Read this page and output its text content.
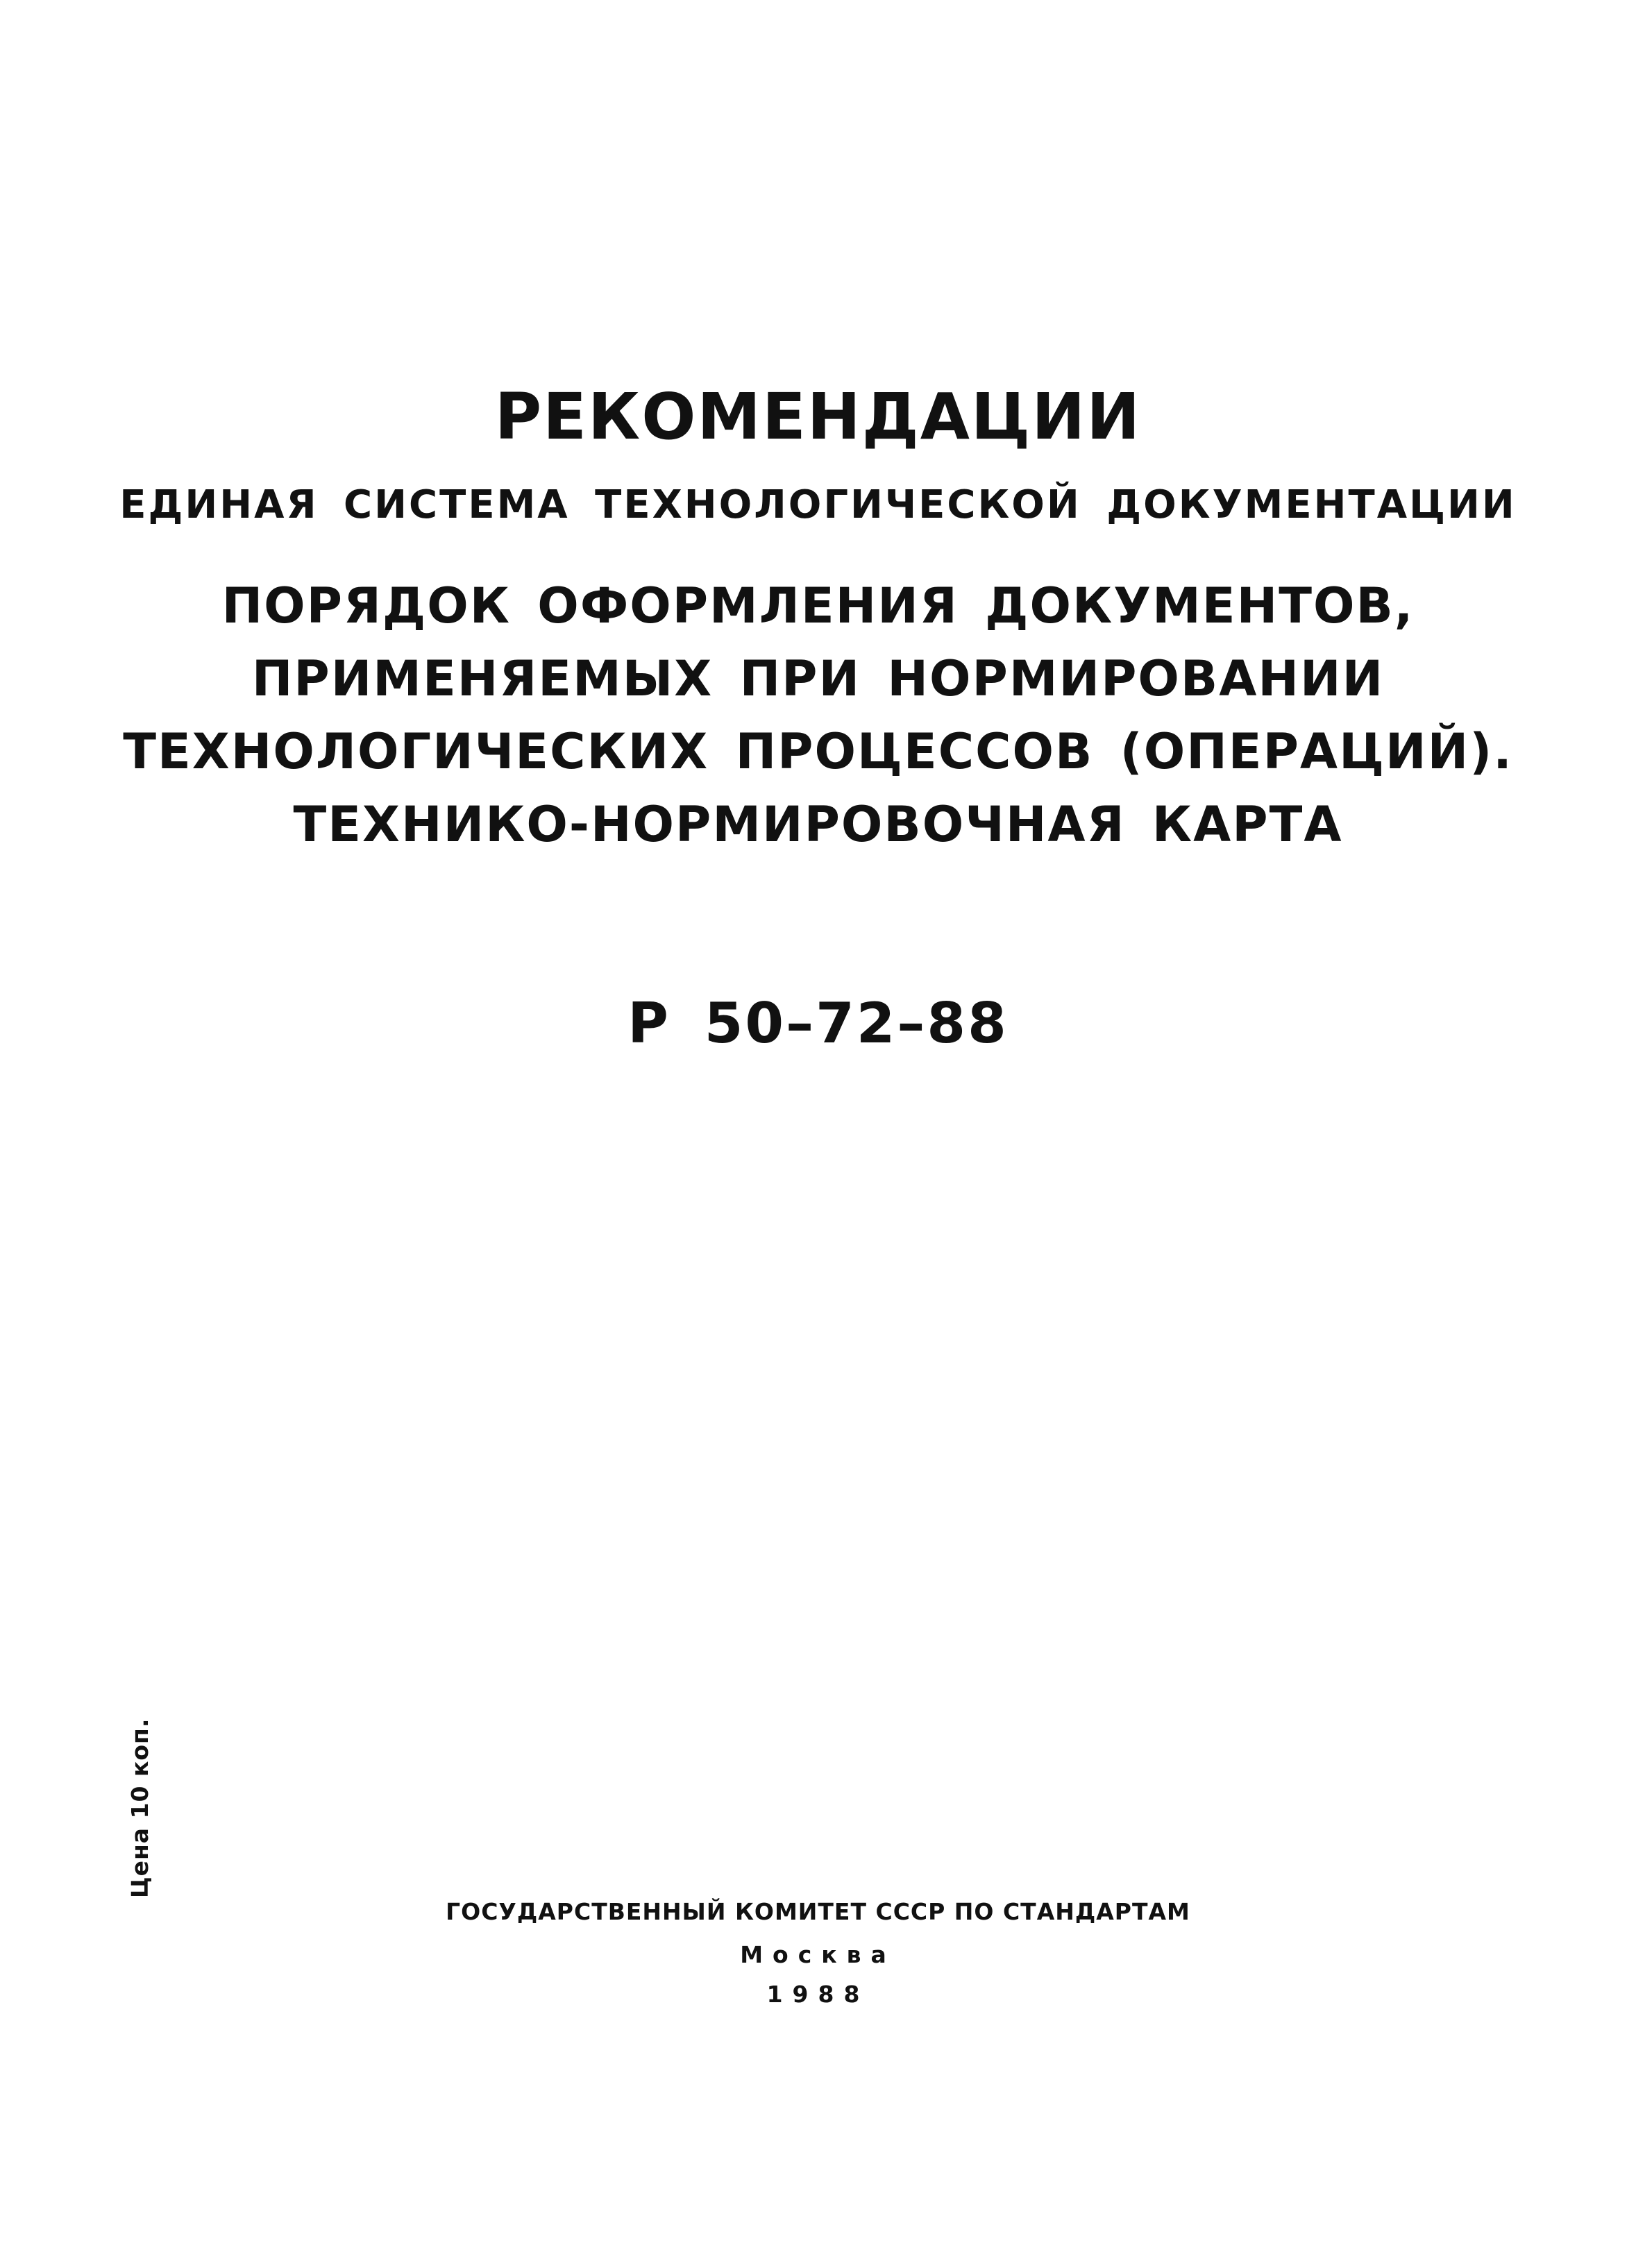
РЕКОМЕНДАЦИИ
ЕДИНАЯ СИСТЕМА ТЕХНОЛОГИЧЕСКОЙ ДОКУМЕНТАЦИИ
ПОРЯДОК ОФОРМЛЕНИЯ ДОКУМЕНТОВ,
ПРИМЕНЯЕМЫХ ПРИ НОРМИРОВАНИИ
ТЕХНОЛОГИЧЕСКИХ ПРОЦЕССОВ (ОПЕРАЦИЙ).
ТЕХНИКО-НОРМИРОВОЧНАЯ КАРТА
Р 50–72–88
Цена 10 коп.
ГОСУДАРСТВЕННЫЙ КОМИТЕТ СССР ПО СТАНДАРТАМ
Москва
1988
